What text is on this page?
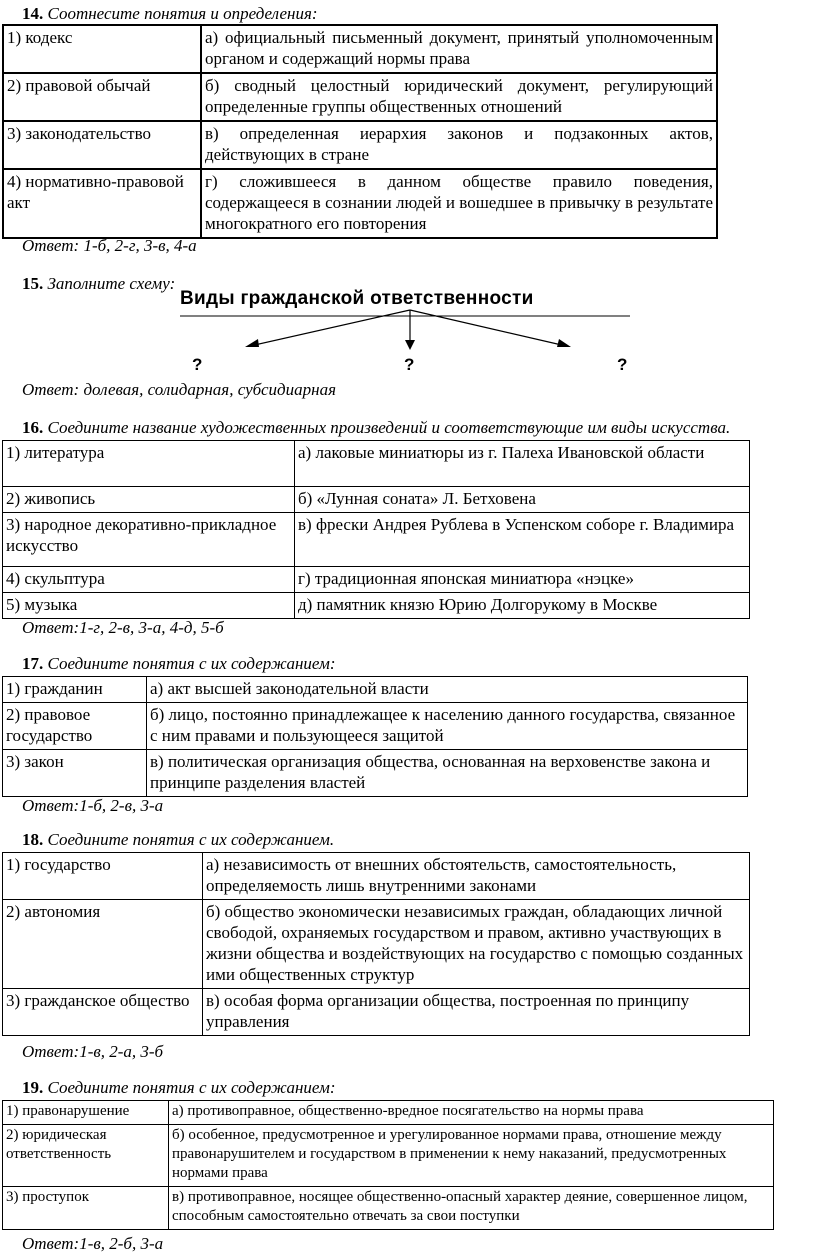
14. Соотнесите понятия и определения:
1) кодекс	а) официальный письменный документ, принятый уполномоченным органом и содержащий нормы права
2) правовой обычай	б) сводный целостный юридический документ, регулирующий определенные группы общественных отношений
3) законодательство	в) определенная иерархия законов и подзаконных актов, действующих в стране
4) нормативно-правовой акт	г) сложившееся в данном обществе правило поведения, содержащееся в сознании людей и вошедшее в привычку в результате многократного его повторения
Ответ: 1-б, 2-г, 3-в, 4-а
15. Заполните схему:
Виды гражданской ответственности
?	?	?
Ответ: долевая, солидарная, субсидиарная
16. Соедините название художественных произведений и соответствующие им виды искусства.
1) литература	а) лаковые миниатюры из г. Палеха Ивановской области
2) живопись	б) «Лунная соната» Л. Бетховена
3) народное декоративно-прикладное искусство	в) фрески Андрея Рублева в Успенском соборе г. Владимира
4) скульптура	г) традиционная японская миниатюра «нэцке»
5) музыка	д) памятник князю Юрию Долгорукому в Москве
Ответ:1-г, 2-в, 3-а, 4-д, 5-б
17. Соедините понятия с их содержанием:
1) гражданин	а) акт высшей законодательной власти
2) правовое государство	б) лицо, постоянно принадлежащее к населению данного государства, связанное с ним правами и пользующееся защитой
3) закон	в) политическая организация общества, основанная на верховенстве закона и принципе разделения властей
Ответ:1-б, 2-в, 3-а
18. Соедините понятия с их содержанием.
1) государство	а) независимость от внешних обстоятельств, самостоятельность, определяемость лишь внутренними законами
2) автономия	б) общество экономически независимых граждан, обладающих личной свободой, охраняемых государством и правом, активно участвующих в жизни общества и воздействующих на государство с помощью созданных ими общественных структур
3) гражданское общество	в) особая форма организации общества, построенная по принципу управления
Ответ:1-в, 2-а, 3-б
19. Соедините понятия с их содержанием:
1) правонарушение	а) противоправное, общественно-вредное посягательство на нормы права
2) юридическая ответственность	б) особенное, предусмотренное и урегулированное нормами права, отношение между правонарушителем и государством в применении к нему наказаний, предусмотренных нормами права
3) проступок	в) противоправное, носящее общественно-опасный характер деяние, совершенное лицом, способным самостоятельно отвечать за свои поступки
Ответ:1-в, 2-б, 3-а
